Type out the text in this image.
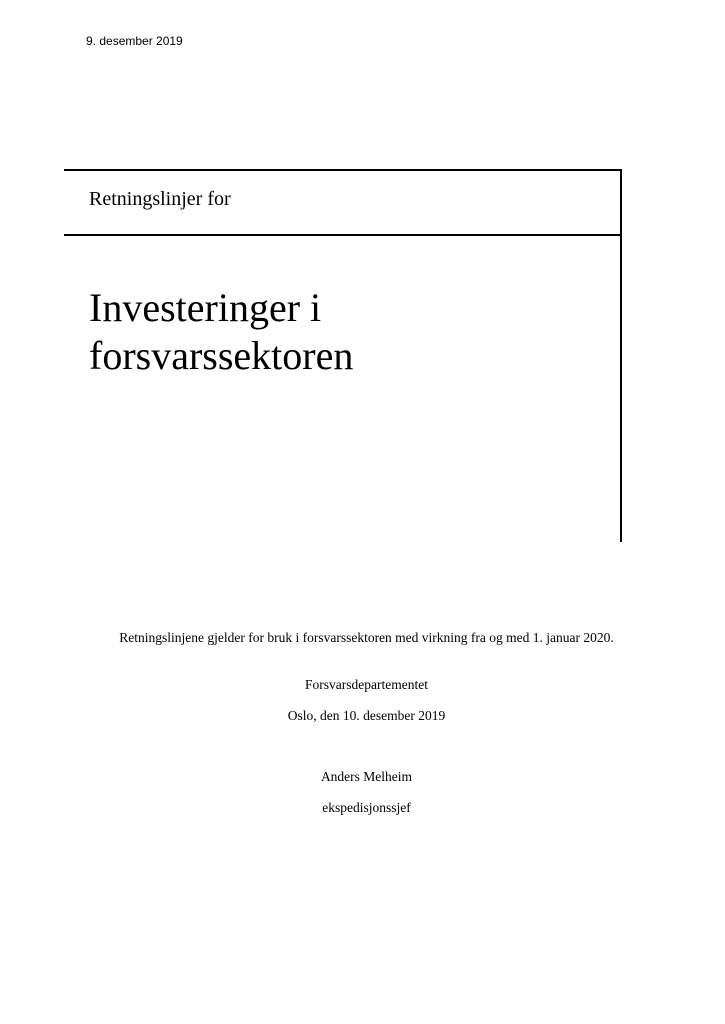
9. desember 2019
Retningslinjer for
Investeringer i
forsvarssektoren
Retningslinjene gjelder for bruk i forsvarssektoren med virkning fra og med 1. januar 2020.
Forsvarsdepartementet
Oslo, den 10. desember 2019
Anders Melheim
ekspedisjonssjef
